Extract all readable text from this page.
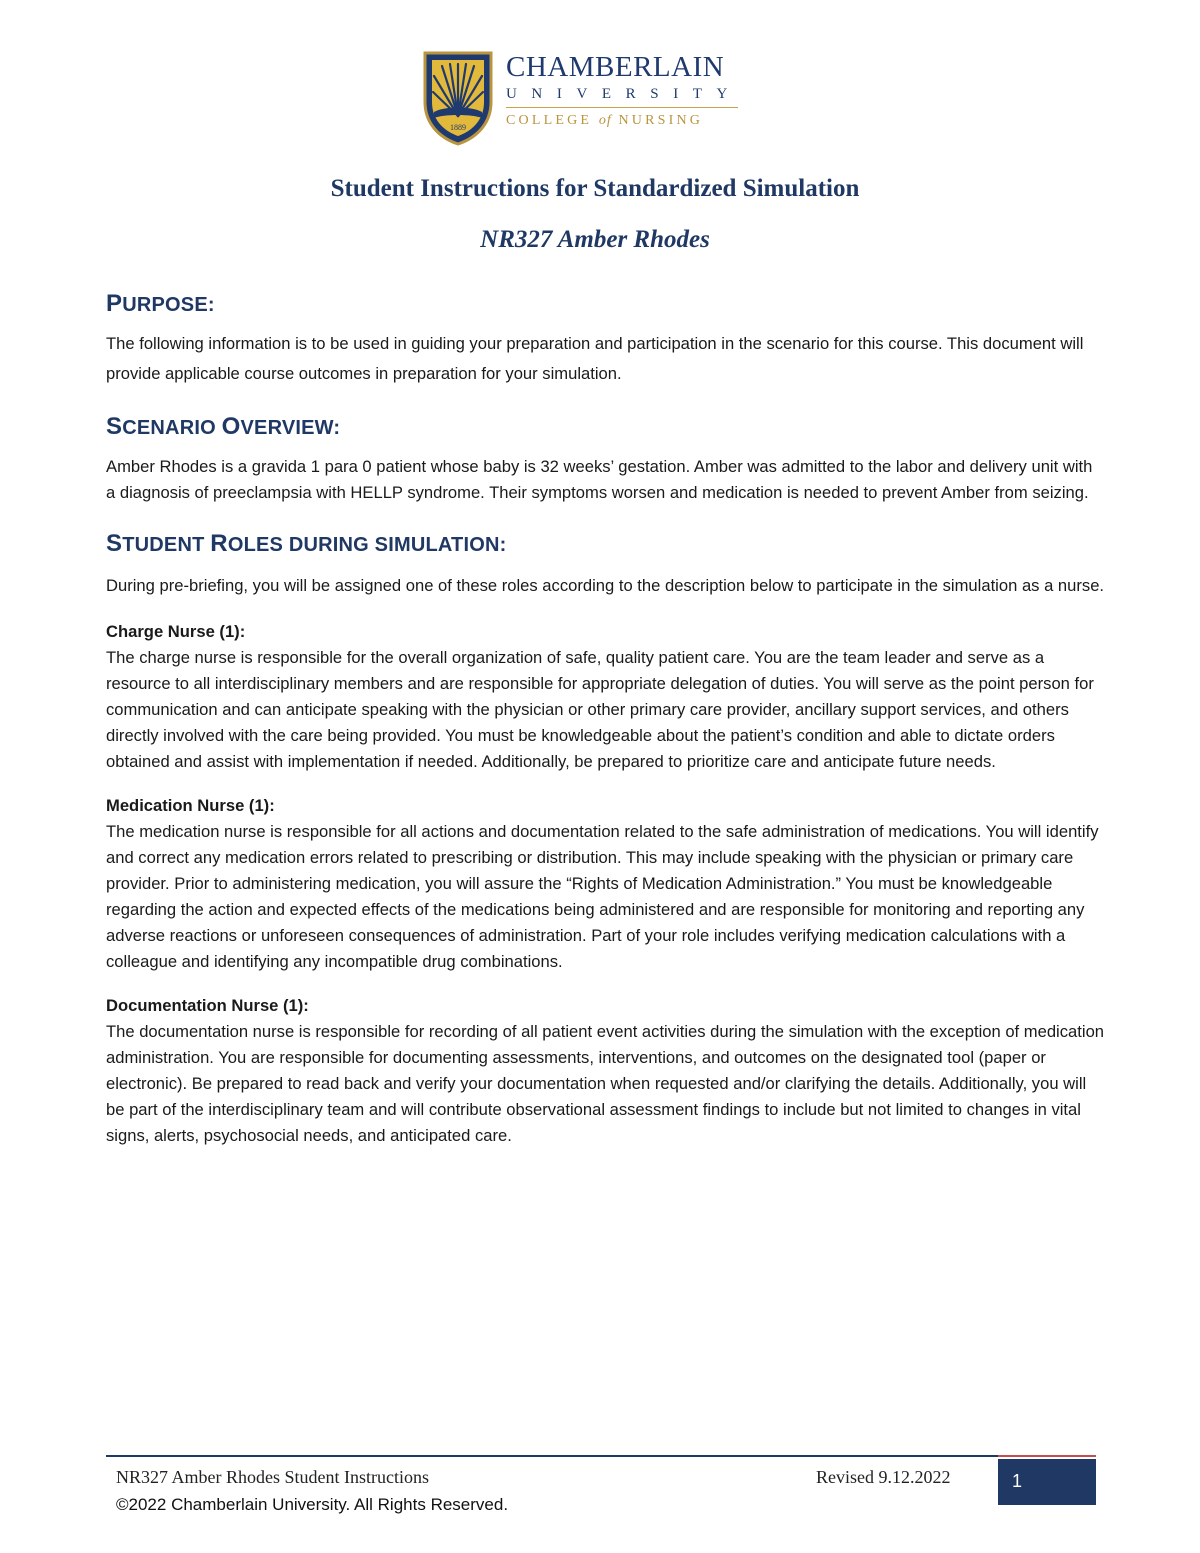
1889
CHAMBERLAIN
UNIVERSITY
COLLEGE of NURSING
Student Instructions for Standardized Simulation
NR327 Amber Rhodes
PURPOSE:

The following information is to be used in guiding your preparation and participation in the scenario for this course. This document will provide applicable course outcomes in preparation for your simulation.

SCENARIO OVERVIEW:

Amber Rhodes is a gravida 1 para 0 patient whose baby is 32 weeks’ gestation. Amber was admitted to the labor and delivery unit with a diagnosis of preeclampsia with HELLP syndrome. Their symptoms worsen and medication is needed to prevent Amber from seizing.

STUDENT ROLES DURING SIMULATION:

During pre-briefing, you will be assigned one of these roles according to the description below to participate in the simulation as a nurse.

Charge Nurse (1):

The charge nurse is responsible for the overall organization of safe, quality patient care. You are the team leader and serve as a resource to all interdisciplinary members and are responsible for appropriate delegation of duties. You will serve as the point person for communication and can anticipate speaking with the physician or other primary care provider, ancillary support services, and others directly involved with the care being provided. You must be knowledgeable about the patient’s condition and able to dictate orders obtained and assist with implementation if needed. Additionally, be prepared to prioritize care and anticipate future needs.

Medication Nurse (1):

The medication nurse is responsible for all actions and documentation related to the safe administration of medications. You will identify and correct any medication errors related to prescribing or distribution. This may include speaking with the physician or primary care provider. Prior to administering medication, you will assure the “Rights of Medication Administration.” You must be knowledgeable regarding the action and expected effects of the medications being administered and are responsible for monitoring and reporting any adverse reactions or unforeseen consequences of administration. Part of your role includes verifying medication calculations with a colleague and identifying any incompatible drug combinations.

Documentation Nurse (1):

The documentation nurse is responsible for recording of all patient event activities during the simulation with the exception of medication administration. You are responsible for documenting assessments, interventions, and outcomes on the designated tool (paper or electronic). Be prepared to read back and verify your documentation when requested and/or clarifying the details. Additionally, you will be part of the interdisciplinary team and will contribute observational assessment findings to include but not limited to changes in vital signs, alerts, psychosocial needs, and anticipated care.

NR327 Amber Rhodes Student Instructions	Revised 9.12.2022	1
©2022 Chamberlain University. All Rights Reserved.
